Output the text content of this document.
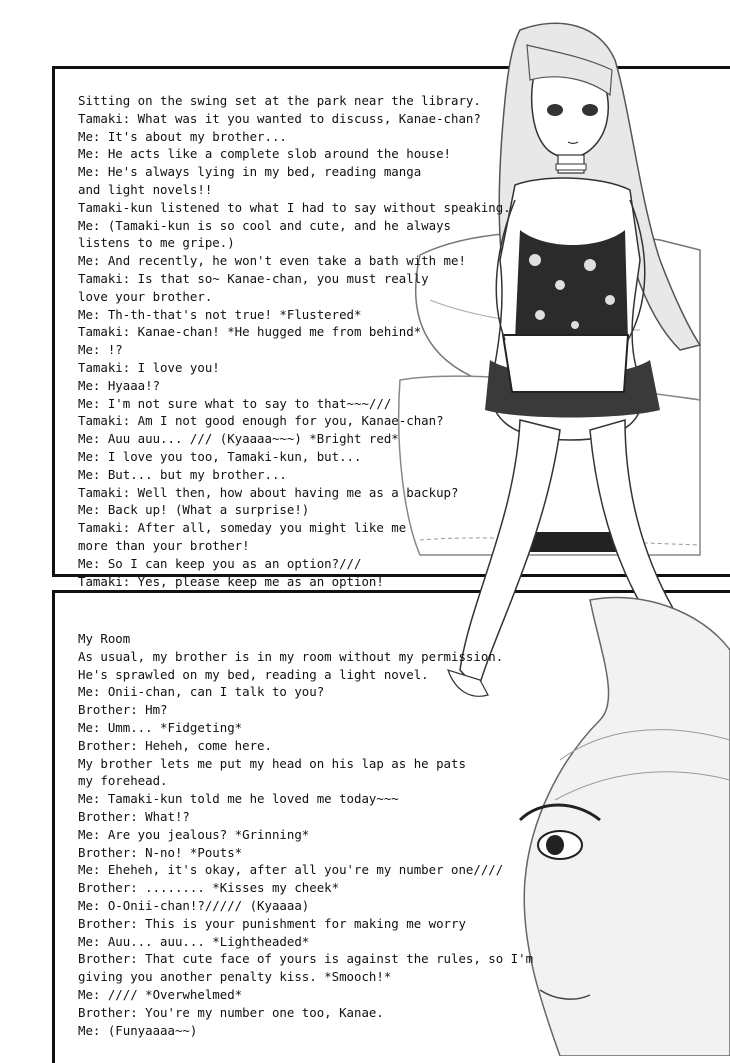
Sitting on the swing set at the park near the library.
Tamaki: What was it you wanted to discuss, Kanae-chan?
Me: It's about my brother...
Me: He acts like a complete slob around the house!
Me: He's always lying in my bed, reading manga
and light novels!!
Tamaki-kun listened to what I had to say without speaking.
Me: (Tamaki-kun is so cool and cute, and he always
listens to me gripe.)
Me: And recently, he won't even take a bath with me!
Tamaki: Is that so~ Kanae-chan, you must really
love your brother.
Me: Th-th-that's not true! *Flustered*
Tamaki: Kanae-chan! *He hugged me from behind*
Me: !?
Tamaki: I love you!
Me: Hyaaa!?
Me: I'm not sure what to say to that~~~///
Tamaki: Am I not good enough for you, Kanae-chan?
Me: Auu auu... /// (Kyaaaa~~~) *Bright red*
Me: I love you too, Tamaki-kun, but...
Me: But... but my brother...
Tamaki: Well then, how about having me as a backup?
Me: Back up! (What a surprise!)
Tamaki: After all, someday you might like me
more than your brother!
Me: So I can keep you as an option?///
Tamaki: Yes, please keep me as an option!
My Room
As usual, my brother is in my room without my permission.
He's sprawled on my bed, reading a light novel.
Me: Onii-chan, can I talk to you?
Brother: Hm?
Me: Umm... *Fidgeting*
Brother: Heheh, come here.
My brother lets me put my head on his lap as he pats
my forehead.
Me: Tamaki-kun told me he loved me today~~~
Brother: What!?
Me: Are you jealous? *Grinning*
Brother: N-no! *Pouts*
Me: Eheheh, it's okay, after all you're my number one////
Brother: ........ *Kisses my cheek*
Me: O-Onii-chan!?///// (Kyaaaa)
Brother: This is your punishment for making me worry
Me: Auu... auu... *Lightheaded*
Brother: That cute face of yours is against the rules, so I'm
giving you another penalty kiss. *Smooch!*
Me: //// *Overwhelmed*
Brother: You're my number one too, Kanae.
Me: (Funyaaaa~~)
